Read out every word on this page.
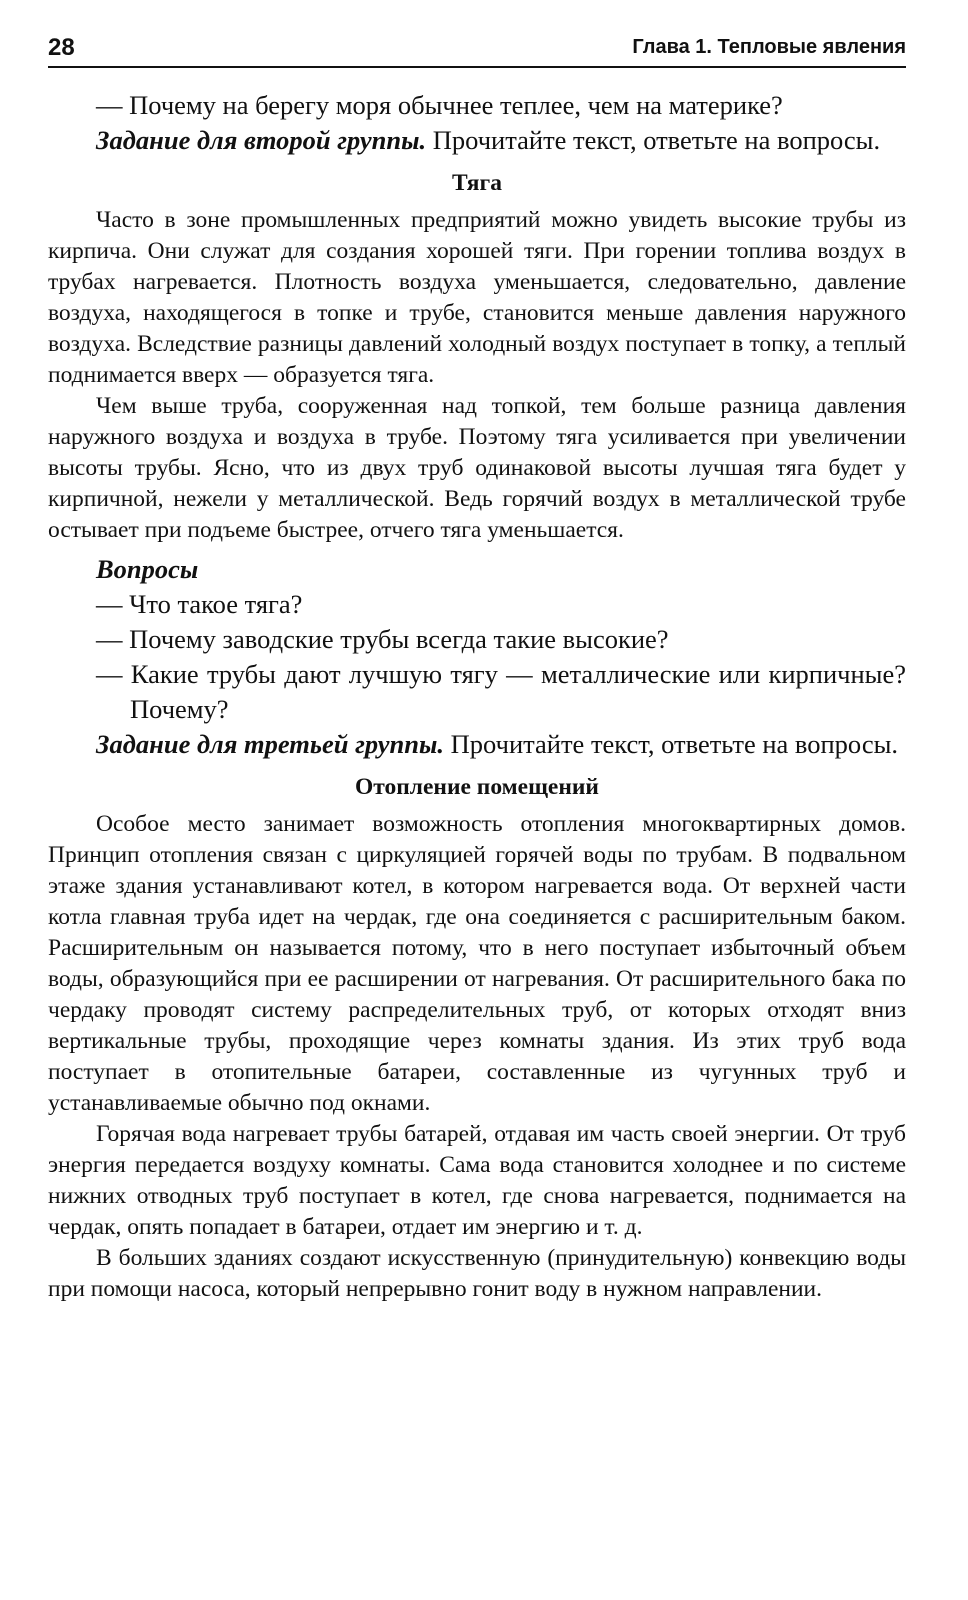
28	Глава 1. Тепловые явления

— Почему на берегу моря обычнее теплее, чем на материке?

Задание для второй группы. Прочитайте текст, ответьте на вопросы.

Тяга

Часто в зоне промышленных предприятий можно увидеть высокие трубы из кирпича. Они служат для создания хорошей тяги. При горении топлива воздух в трубах нагревается. Плотность воздуха уменьшается, следовательно, давление воздуха, находящегося в топке и трубе, становится меньше давления наружного воздуха. Вследствие разницы давлений холодный воздух поступает в топку, а теплый поднимается вверх — образуется тяга.

Чем выше труба, сооруженная над топкой, тем больше разница давления наружного воздуха и воздуха в трубе. Поэтому тяга усиливается при увеличении высоты трубы. Ясно, что из двух труб одинаковой высоты лучшая тяга будет у кирпичной, нежели у металлической. Ведь горячий воздух в металлической трубе остывает при подъеме быстрее, отчего тяга уменьшается.

Вопросы

— Что такое тяга?

— Почему заводские трубы всегда такие высокие?

— Какие трубы дают лучшую тягу — металлические или кирпичные? Почему?

Задание для третьей группы. Прочитайте текст, ответьте на вопросы.

Отопление помещений

Особое место занимает возможность отопления многоквартирных домов. Принцип отопления связан с циркуляцией горячей воды по трубам. В подвальном этаже здания устанавливают котел, в котором нагревается вода. От верхней части котла главная труба идет на чердак, где она соединяется с расширительным баком. Расширительным он называется потому, что в него поступает избыточный объем воды, образующийся при ее расширении от нагревания. От расширительного бака по чердаку проводят систему распределительных труб, от которых отходят вниз вертикальные трубы, проходящие через комнаты здания. Из этих труб вода поступает в отопительные батареи, составленные из чугунных труб и устанавливаемые обычно под окнами.

Горячая вода нагревает трубы батарей, отдавая им часть своей энергии. От труб энергия передается воздуху комнаты. Сама вода становится холоднее и по системе нижних отводных труб поступает в котел, где снова нагревается, поднимается на чердак, опять попадает в батареи, отдает им энергию и т. д.

В больших зданиях создают искусственную (принудительную) конвекцию воды при помощи насоса, который непрерывно гонит воду в нужном направлении.
